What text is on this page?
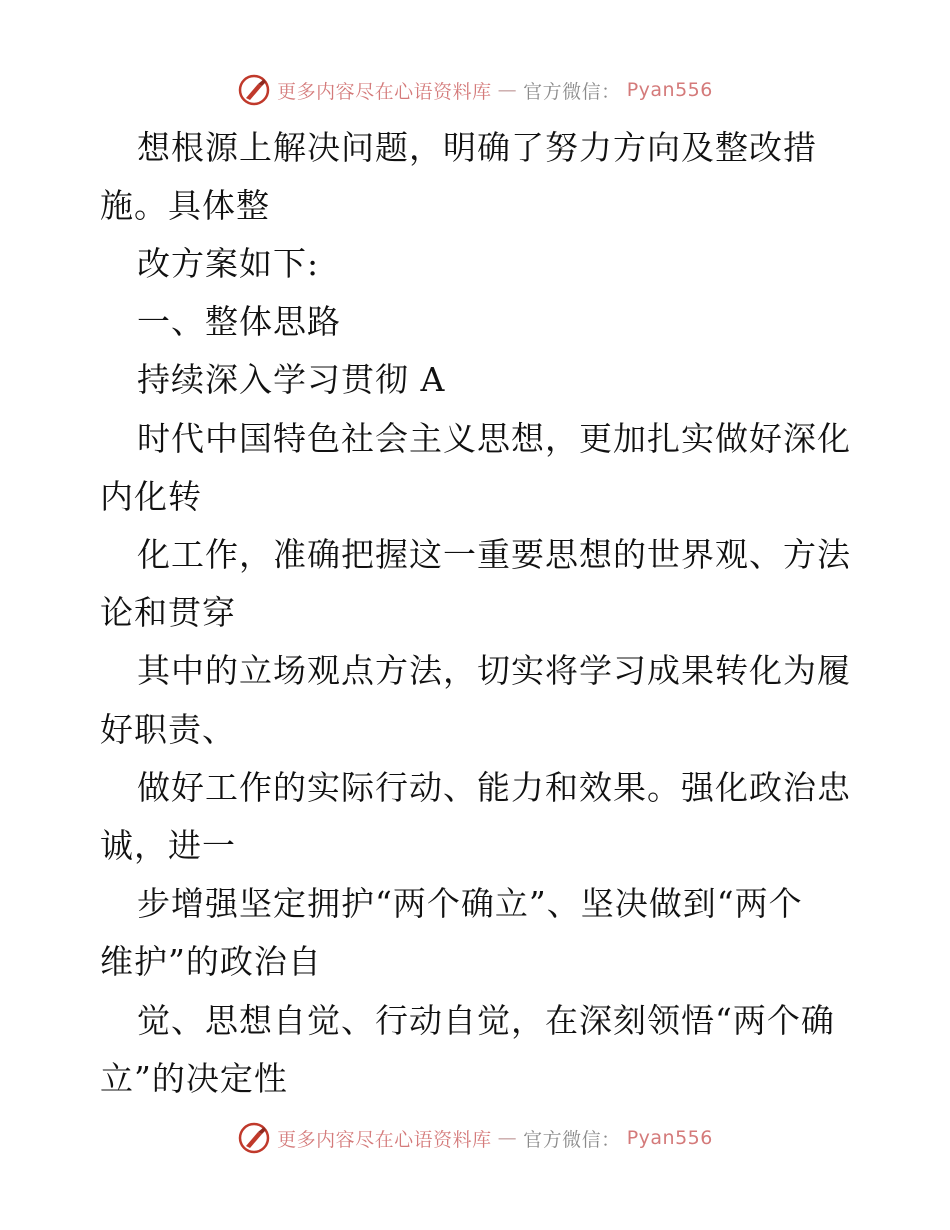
更多内容尽在心语资料库 — 官方微信： Pyan556
想根源上解决问题，明确了努力方向及整改措
施。具体整
改方案如下:
一、整体思路
持续深入学习贯彻 A
时代中国特色社会主义思想，更加扎实做好深化
内化转
化工作，准确把握这一重要思想的世界观、方法
论和贯穿
其中的立场观点方法，切实将学习成果转化为履
好职责、
做好工作的实际行动、能力和效果。强化政治忠
诚，进一
步增强坚定拥护“两个确立”、坚决做到“两个
维护”的政治自
觉、思想自觉、行动自觉，在深刻领悟“两个确
立”的决定性
更多内容尽在心语资料库 — 官方微信： Pyan556
